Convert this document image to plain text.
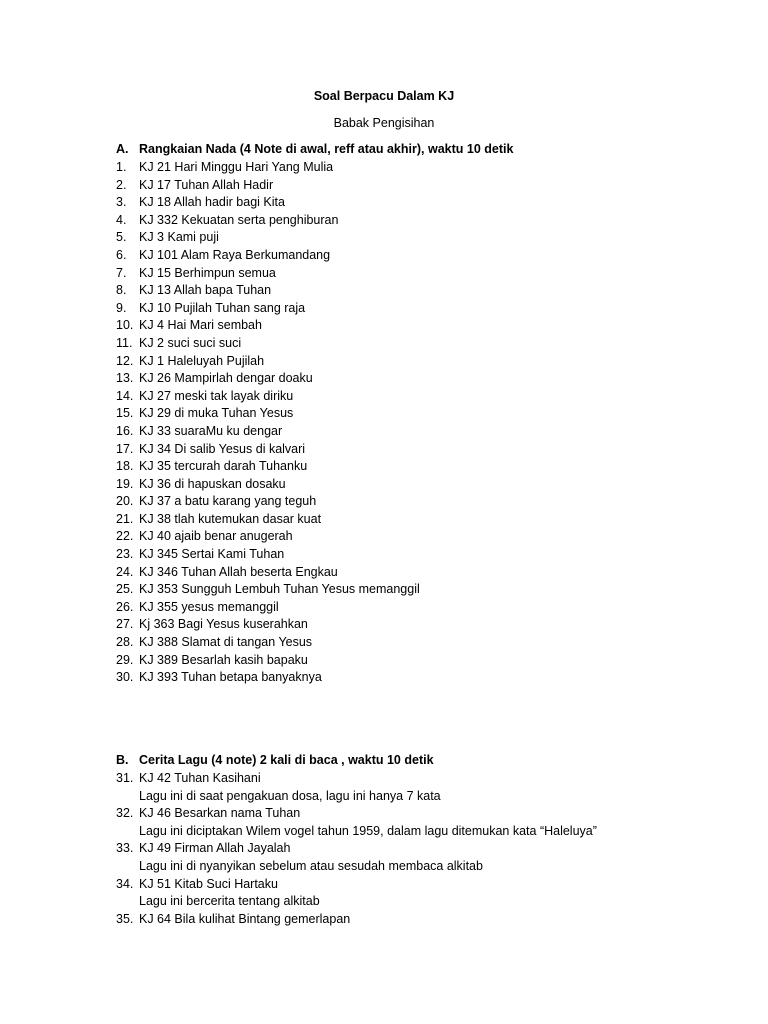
Soal Berpacu Dalam KJ
Babak Pengisihan
A. Rangkaian Nada (4 Note di awal, reff atau akhir), waktu 10 detik
1. KJ 21 Hari Minggu Hari Yang Mulia
2. KJ 17 Tuhan Allah Hadir
3. KJ 18 Allah hadir bagi Kita
4. KJ 332 Kekuatan serta penghiburan
5. KJ 3 Kami puji
6. KJ 101 Alam Raya Berkumandang
7. KJ 15 Berhimpun semua
8. KJ 13 Allah bapa Tuhan
9. KJ 10 Pujilah Tuhan sang raja
10. KJ 4 Hai Mari sembah
11. KJ 2 suci suci suci
12. KJ 1 Haleluyah Pujilah
13. KJ 26 Mampirlah dengar doaku
14. KJ 27 meski tak layak diriku
15. KJ 29 di muka Tuhan Yesus
16. KJ 33 suaraMu ku dengar
17. KJ 34 Di salib Yesus di kalvari
18. KJ 35 tercurah darah Tuhanku
19. KJ 36 di hapuskan dosaku
20. KJ 37 a batu karang yang teguh
21. KJ 38 tlah kutemukan dasar kuat
22. KJ 40 ajaib benar anugerah
23. KJ 345 Sertai Kami Tuhan
24. KJ 346 Tuhan Allah beserta Engkau
25. KJ 353 Sungguh Lembuh Tuhan Yesus memanggil
26. KJ 355 yesus memanggil
27. Kj 363 Bagi Yesus kuserahkan
28. KJ 388 Slamat di tangan Yesus
29. KJ 389 Besarlah kasih bapaku
30. KJ 393 Tuhan betapa banyaknya
B. Cerita Lagu (4 note) 2 kali di baca , waktu 10 detik
31. KJ 42 Tuhan Kasihani
Lagu ini di saat pengakuan dosa, lagu ini hanya 7 kata
32. KJ 46 Besarkan nama Tuhan
Lagu ini diciptakan Wilem vogel tahun 1959, dalam lagu ditemukan kata “Haleluya”
33. KJ 49 Firman Allah Jayalah
Lagu ini di nyanyikan sebelum atau sesudah membaca alkitab
34. KJ 51 Kitab Suci Hartaku
Lagu ini bercerita tentang alkitab
35. KJ 64 Bila kulihat Bintang gemerlapan
